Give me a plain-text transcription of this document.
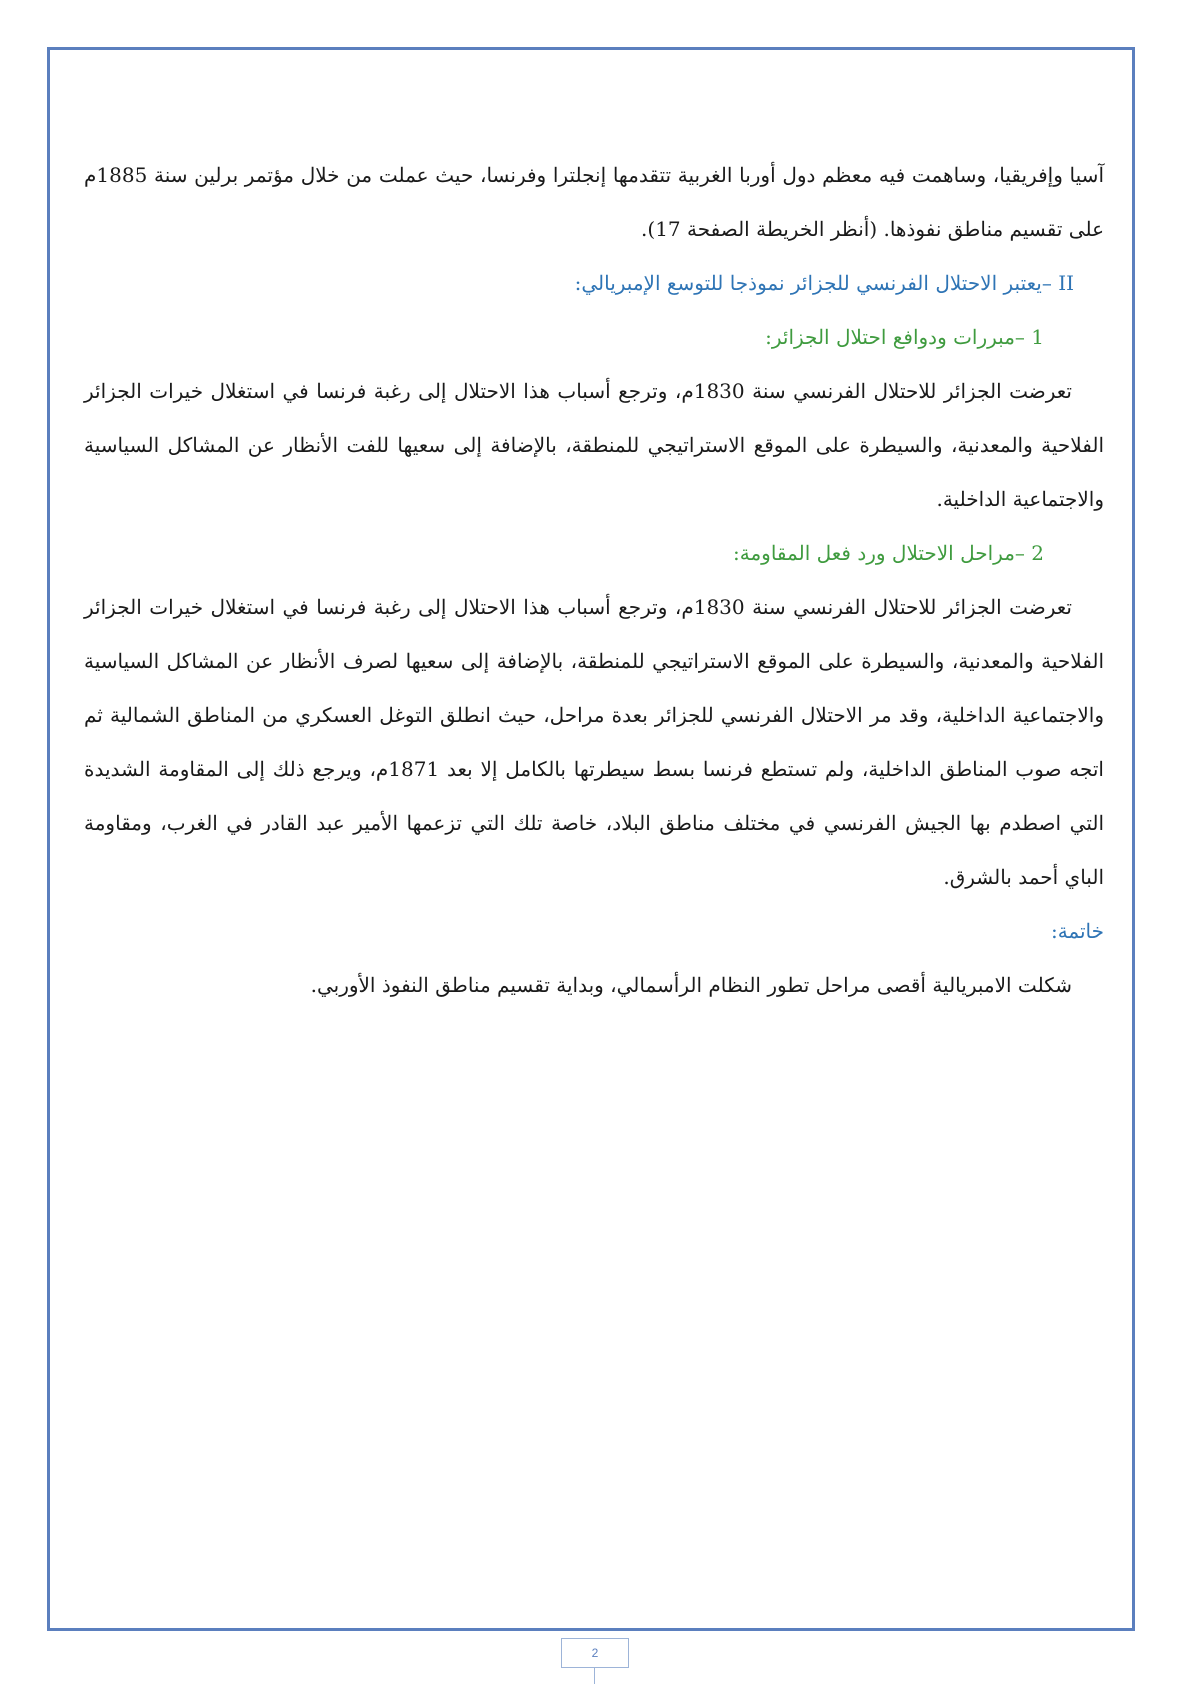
آسيا وإفريقيا، وساهمت فيه معظم دول أوربا الغربية تتقدمها إنجلترا وفرنسا، حيث عملت من خلال مؤتمر برلين سنة 1885م على تقسيم مناطق نفوذها. (أنظر الخريطة الصفحة 17).

II –يعتبر الاحتلال الفرنسي للجزائر نموذجا للتوسع الإمبريالي:

1 –مبررات ودوافع احتلال الجزائر:

تعرضت الجزائر للاحتلال الفرنسي سنة 1830م، وترجع أسباب هذا الاحتلال إلى رغبة فرنسا في استغلال خيرات الجزائر الفلاحية والمعدنية، والسيطرة على الموقع الاستراتيجي للمنطقة، بالإضافة إلى سعيها للفت الأنظار عن المشاكل السياسية والاجتماعية الداخلية.

2 –مراحل الاحتلال ورد فعل المقاومة:

تعرضت الجزائر للاحتلال الفرنسي سنة 1830م، وترجع أسباب هذا الاحتلال إلى رغبة فرنسا في استغلال خيرات الجزائر الفلاحية والمعدنية، والسيطرة على الموقع الاستراتيجي للمنطقة، بالإضافة إلى سعيها لصرف الأنظار عن المشاكل السياسية والاجتماعية الداخلية، وقد مر الاحتلال الفرنسي للجزائر بعدة مراحل، حيث انطلق التوغل العسكري من المناطق الشمالية ثم اتجه صوب المناطق الداخلية، ولم تستطع فرنسا بسط سيطرتها بالكامل إلا بعد 1871م، ويرجع ذلك إلى المقاومة الشديدة التي اصطدم بها الجيش الفرنسي في مختلف مناطق البلاد، خاصة تلك التي تزعمها الأمير عبد القادر في الغرب، ومقاومة الباي أحمد بالشرق.

خاتمة:

شكلت الامبريالية أقصى مراحل تطور النظام الرأسمالي، وبداية تقسيم مناطق النفوذ الأوربي.

2
